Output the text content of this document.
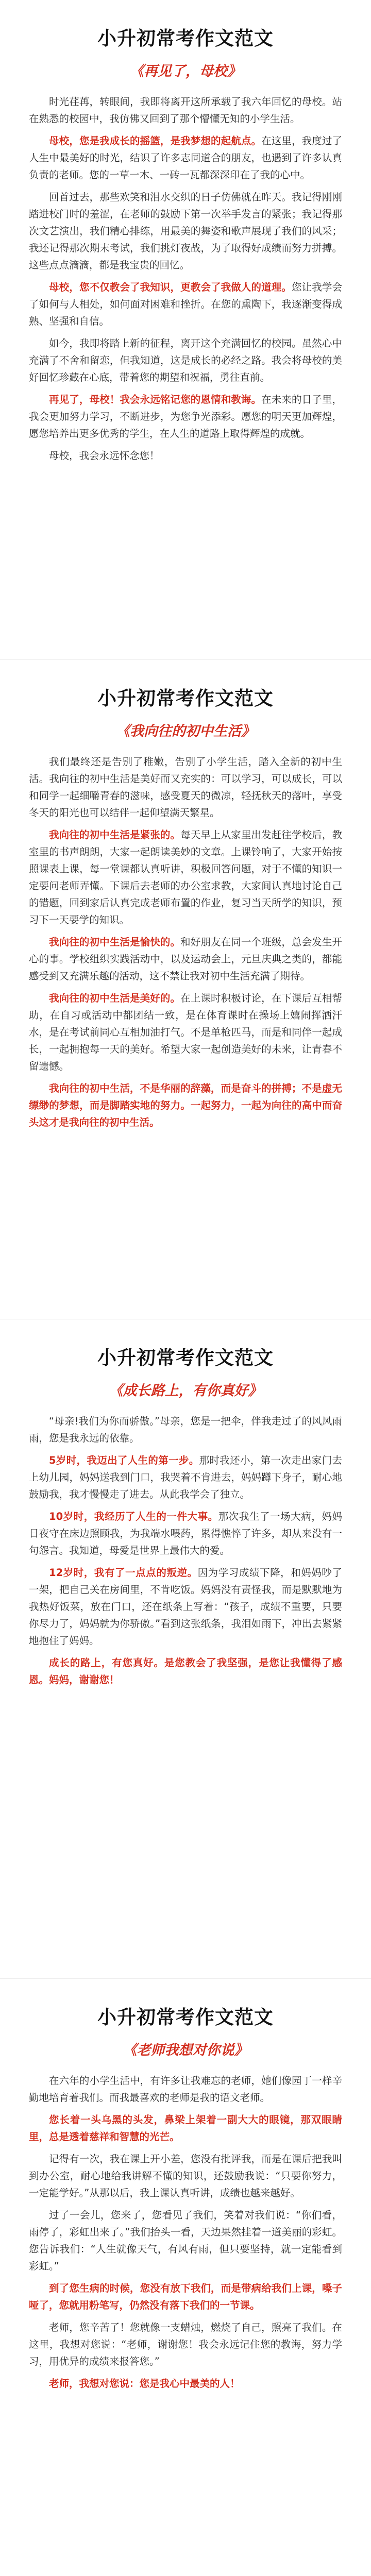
小升初常考作文范文
《再见了，母校》

时光荏苒，转眼间，我即将离开这所承载了我六年回忆的母校。站在熟悉的校园中，我仿佛又回到了那个懵懂无知的小学生活。

母校，您是我成长的摇篮，是我梦想的起航点。在这里，我度过了人生中最美好的时光，结识了许多志同道合的朋友，也遇到了许多认真负责的老师。您的一草一木、一砖一瓦都深深印在了我的心中。

回首过去，那些欢笑和泪水交织的日子仿佛就在昨天。我记得刚刚踏进校门时的羞涩，在老师的鼓励下第一次举手发言的紧张；我记得那次文艺演出，我们精心排练，用最美的舞姿和歌声展现了我们的风采；我还记得那次期末考试，我们挑灯夜战，为了取得好成绩而努力拼搏。这些点点滴滴，都是我宝贵的回忆。

母校，您不仅教会了我知识，更教会了我做人的道理。您让我学会了如何与人相处，如何面对困难和挫折。在您的熏陶下，我逐渐变得成熟、坚强和自信。

如今，我即将踏上新的征程，离开这个充满回忆的校园。虽然心中充满了不舍和留恋，但我知道，这是成长的必经之路。我会将母校的美好回忆珍藏在心底，带着您的期望和祝福，勇往直前。

再见了，母校！我会永远铭记您的恩情和教诲。在未来的日子里，我会更加努力学习，不断进步，为您争光添彩。愿您的明天更加辉煌，愿您培养出更多优秀的学生，在人生的道路上取得辉煌的成就。

母校，我会永远怀念您！

小升初常考作文范文
《我向往的初中生活》

我们最终还是告别了稚嫩，告别了小学生活，踏入全新的初中生活。我向往的初中生活是美好而又充实的：可以学习，可以成长，可以和同学一起细嚼青春的滋味，感受夏天的微凉，轻抚秋天的落叶，享受冬天的阳光也可以结伴一起仰望满天繁星。

我向往的初中生活是紧张的。每天早上从家里出发赶往学校后，教室里的书声朗朗，大家一起朗读美妙的文章。上课铃响了，大家开始按照课表上课，每一堂课都认真听讲，积极回答问题，对于不懂的知识一定要问老师弄懂。下课后去老师的办公室求教，大家间认真地讨论自己的错题，回到家后认真完成老师布置的作业，复习当天所学的知识，预习下一天要学的知识。

我向往的初中生活是愉快的。和好朋友在同一个班级，总会发生开心的事。学校组织实践活动中，以及运动会上，元旦庆典之类的，都能感受到又充满乐趣的活动，这不禁让我对初中生活充满了期待。

我向往的初中生活是美好的。在上课时积极讨论，在下课后互相帮助，在自习或活动中都团结一致，是在体育课时在操场上嬉闹挥洒汗水，是在考试前同心互相加油打气。不是单枪匹马，而是和同伴一起成长，一起拥抱每一天的美好。希望大家一起创造美好的未来，让青春不留遗憾。

我向往的初中生活，不是华丽的辞藻，而是奋斗的拼搏；不是虚无缥缈的梦想，而是脚踏实地的努力。一起努力，一起为向往的高中而奋头这才是我向往的初中生活。

小升初常考作文范文
《成长路上，有你真好》

“母亲!我们为你而骄傲。”母亲，您是一把伞，伴我走过了的风风雨雨，您是我永远的依靠。

5岁时，我迈出了人生的第一步。那时我还小，第一次走出家门去上幼儿园，妈妈送我到门口，我哭着不肯进去，妈妈蹲下身子，耐心地鼓励我，我才慢慢走了进去。从此我学会了独立。

10岁时，我经历了人生的一件大事。那次我生了一场大病，妈妈日夜守在床边照顾我，为我端水喂药，累得憔悴了许多，却从来没有一句怨言。我知道，母爱是世界上最伟大的爱。

12岁时，我有了一点点的叛逆。因为学习成绩下降，和妈妈吵了一架，把自己关在房间里，不肯吃饭。妈妈没有责怪我，而是默默地为我热好饭菜，放在门口，还在纸条上写着：“孩子，成绩不重要，只要你尽力了，妈妈就为你骄傲。”看到这张纸条，我泪如雨下，冲出去紧紧地抱住了妈妈。

成长的路上，有您真好。是您教会了我坚强，是您让我懂得了感恩。妈妈，谢谢您！

小升初常考作文范文
《老师我想对你说》

在六年的小学生活中，有许多让我难忘的老师，她们像园丁一样辛勤地培育着我们。而我最喜欢的老师是我的语文老师。

您长着一头乌黑的头发，鼻梁上架着一副大大的眼镜，那双眼睛里，总是透着慈祥和智慧的光芒。

记得有一次，我在课上开小差，您没有批评我，而是在课后把我叫到办公室，耐心地给我讲解不懂的知识，还鼓励我说：“只要你努力，一定能学好。”从那以后，我上课认真听讲，成绩也越来越好。

过了一会儿，您来了，您看见了我们，笑着对我们说：“你们看，雨停了，彩虹出来了。”我们抬头一看，天边果然挂着一道美丽的彩虹。您告诉我们：“人生就像天气，有风有雨，但只要坚持，就一定能看到彩虹。”

到了您生病的时候，您没有放下我们，而是带病给我们上课，嗓子哑了，您就用粉笔写，仍然没有落下我们的一节课。

老师，您辛苦了！您就像一支蜡烛，燃烧了自己，照亮了我们。在这里，我想对您说：“老师，谢谢您！我会永远记住您的教诲，努力学习，用优异的成绩来报答您。”

老师，我想对您说：您是我心中最美的人！
